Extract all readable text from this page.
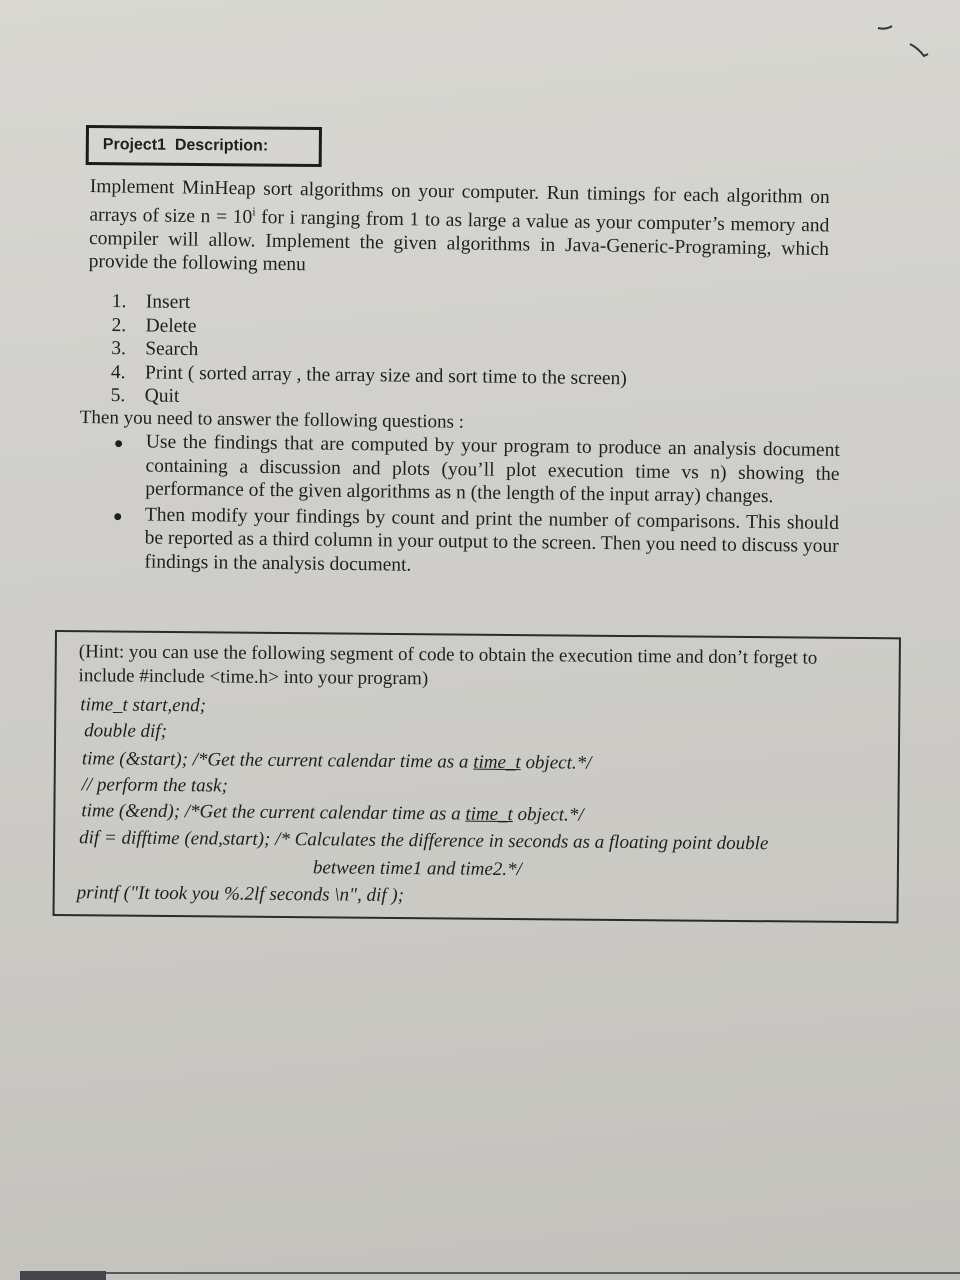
Project1  Description:
Implement MinHeap sort algorithms on your computer. Run timings for each algorithm on arrays of size $n = 10^i$ for i ranging from 1 to as large a value as your computer’s memory and compiler will allow. Implement the given algorithms in Java-Generic-Programing, which provide the following menu
1. Insert
2. Delete
3. Search
4. Print ( sorted array , the array size and sort time to the screen)
5. Quit
Then you need to answer the following questions :
●	Use the findings that are computed by your program to produce an analysis document containing a discussion and plots (you’ll plot execution time vs n) showing the performance of the given algorithms as n (the length of the input array) changes.
●	Then modify your findings by count and print the number of comparisons. This should be reported as a third column in your output to the screen. Then you need to discuss your findings in the analysis document.
(Hint: you can use the following segment of code to obtain the execution time and don’t forget to include #include <time.h> into your program)
time_t start,end;
double dif;
time (&start); /*Get the current calendar time as a time_t object.*/
// perform the task;
time (&end); /*Get the current calendar time as a time_t object.*/
dif = difftime (end,start); /* Calculates the difference in seconds as a floating point double
between time1 and time2.*/
printf ("It took you %.2lf seconds \n", dif );
